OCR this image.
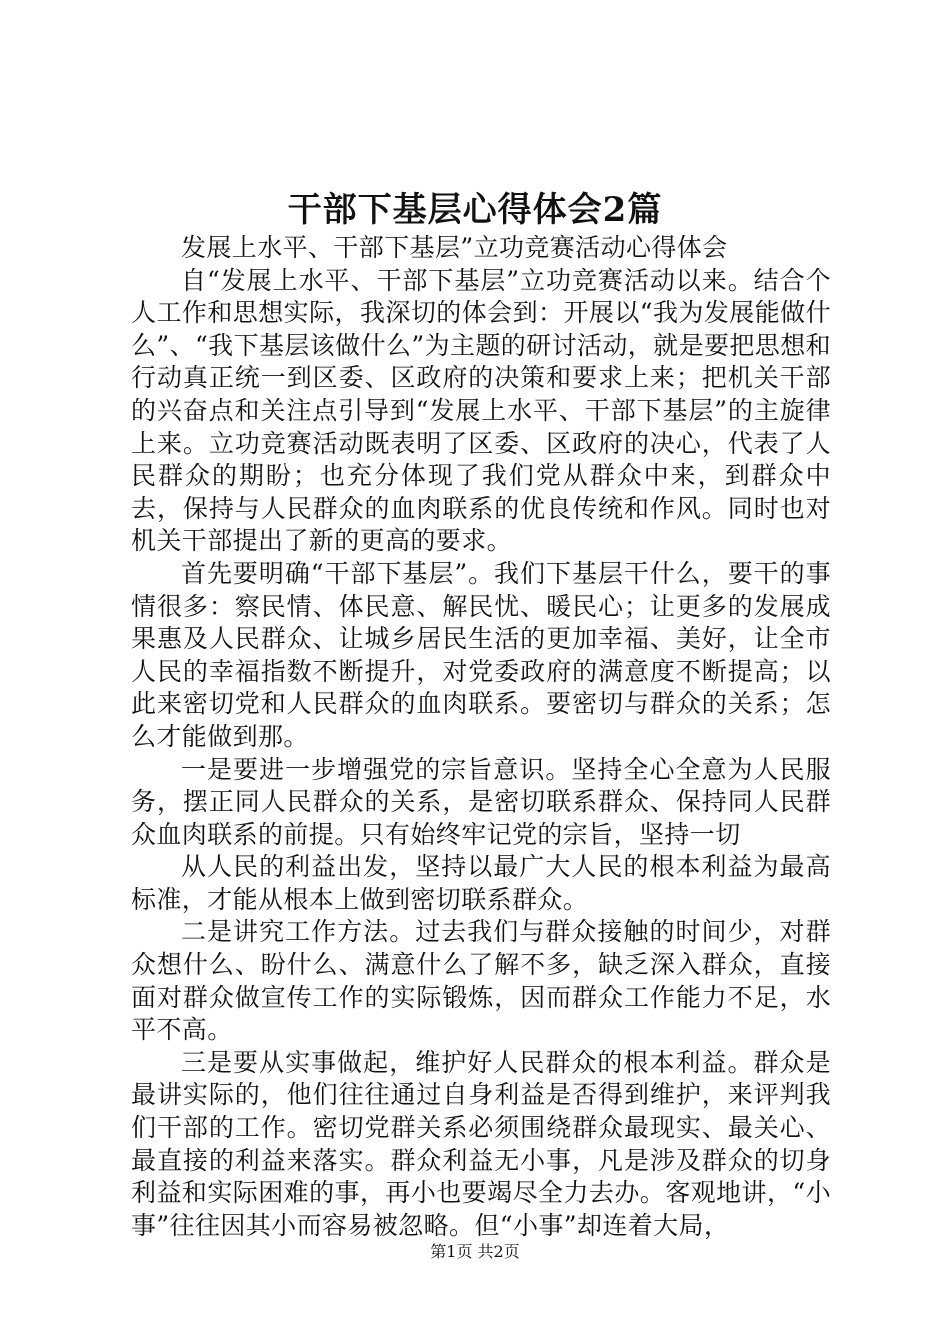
干部下基层心得体会2篇

发展上水平、干部下基层”立功竞赛活动心得体会

自“发展上水平、干部下基层”立功竞赛活动以来。结合个人工作和思想实际，我深切的体会到：开展以“我为发展能做什么”、“我下基层该做什么”为主题的研讨活动，就是要把思想和行动真正统一到区委、区政府的决策和要求上来；把机关干部的兴奋点和关注点引导到“发展上水平、干部下基层”的主旋律上来。立功竞赛活动既表明了区委、区政府的决心，代表了人民群众的期盼；也充分体现了我们党从群众中来，到群众中去，保持与人民群众的血肉联系的优良传统和作风。同时也对机关干部提出了新的更高的要求。

首先要明确“干部下基层”。我们下基层干什么，要干的事情很多：察民情、体民意、解民忧、暖民心；让更多的发展成果惠及人民群众、让城乡居民生活的更加幸福、美好，让全市人民的幸福指数不断提升，对党委政府的满意度不断提高；以此来密切党和人民群众的血肉联系。要密切与群众的关系；怎么才能做到那。

一是要进一步增强党的宗旨意识。坚持全心全意为人民服务，摆正同人民群众的关系，是密切联系群众、保持同人民群众血肉联系的前提。只有始终牢记党的宗旨，坚持一切

从人民的利益出发，坚持以最广大人民的根本利益为最高标准，才能从根本上做到密切联系群众。

二是讲究工作方法。过去我们与群众接触的时间少，对群众想什么、盼什么、满意什么了解不多，缺乏深入群众，直接面对群众做宣传工作的实际锻炼，因而群众工作能力不足，水平不高。

三是要从实事做起，维护好人民群众的根本利益。群众是最讲实际的，他们往往通过自身利益是否得到维护，来评判我们干部的工作。密切党群关系必须围绕群众最现实、最关心、最直接的利益来落实。群众利益无小事，凡是涉及群众的切身利益和实际困难的事，再小也要竭尽全力去办。客观地讲，“小事”往往因其小而容易被忽略。但“小事”却连着大局，

第1页 共2页
